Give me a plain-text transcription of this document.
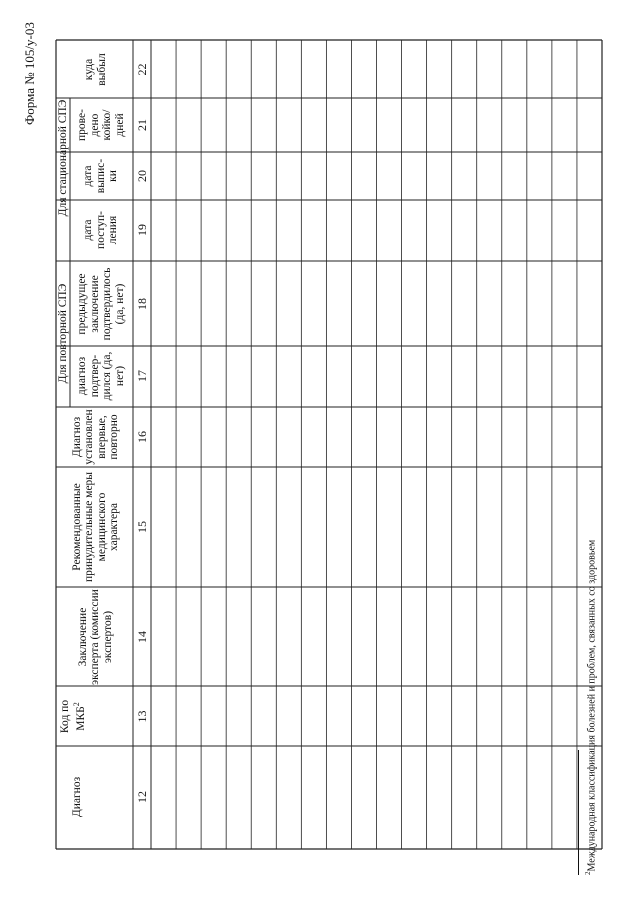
Форма № 105/у-03
Диагноз
Код по МКБ$^2$
Заключение эксперта (комиссии экспертов)
Рекомендованные принудительные меры медицинского характера
Диагноз установлен впервые, повторно
Для повторной СПЭ диагноз подтвер-дился (да, нет)
предыдущее заключение подтвердилось (да, нет)
Для стационарной СПЭ
дата поступ-ления
дата выпис-ки
прове-дено койко/ дней
куда выбыл
12
13
14
15
16
17
18
19
20
21
22
$^2$Международная классификация болезней и проблем, связанных со здоровьем
